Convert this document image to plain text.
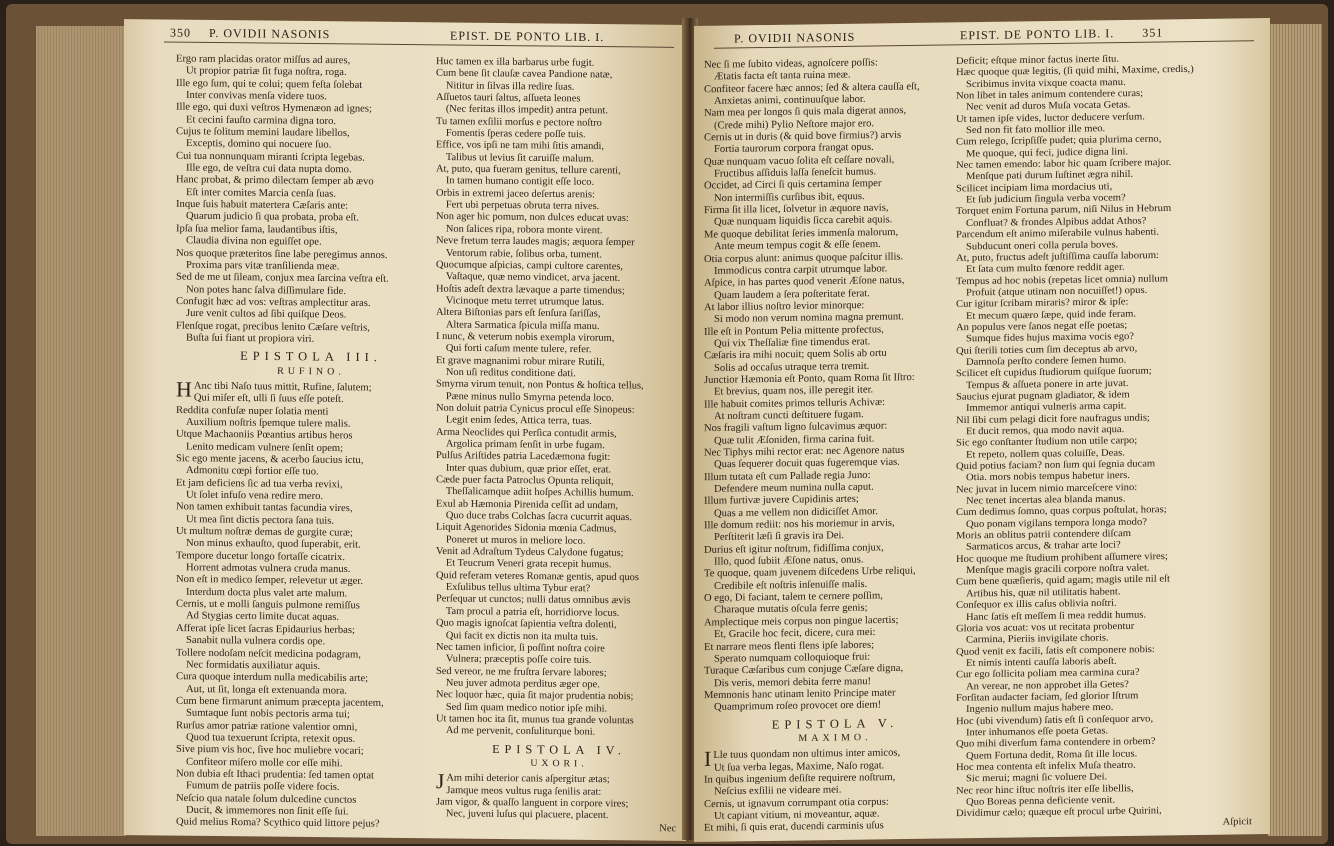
350 P. OVIDII NASONIS	EPIST. DE PONTO LIB. I.

Ergo ram placidas orator miſſus ad aures,

Ut propior patriæ ſit fuga noſtra, roga.

Ille ego ſum, qui te colui; quem feſta ſolebat

Inter convivas menſa videre tuos.

Ille ego, qui duxi veſtros Hymenæon ad ignes;

Et cecini fauſto carmina digna toro.

Cujus te ſolitum memini laudare libellos,

Exceptis, domino qui nocuere ſuo.

Cui tua nonnunquam miranti ſcripta legebas.

Ille ego, de veſtra cui data nupta domo.

Hanc probat, & primo dilectam ſemper ab ævo

Eſt inter comites Marcia cenſa ſuas.

Inque ſuis habuit matertera Cæſaris ante:

Quarum judicio ſi qua probata, proba eſt.

Ipſa ſua melior fama, laudantibus iſtis,

Claudia divina non eguiſſet ope.

Nos quoque præteritos ſine labe peregimus annos.

Proxima pars vitæ tranſilienda meæ.

Sed de me ut ſileam, conjux mea ſarcina veſtra eſt.

Non potes hanc ſalva diſſimulare fide.

Confugit hæc ad vos: veſtras amplectitur aras.

Jure venit cultos ad ſibi quiſque Deos.

Flenſque rogat, precibus lenito Cæſare veſtris,

Buſta ſui fiant ut propiora viri.

EPISTOLA III.

RUFINO.

H Anc tibi Naſo tuus mittit, Rufine, ſalutem;

Qui miſer eſt, ulli ſi ſuus eſſe poteſt.

Reddita confuſæ nuper ſolatia menti

Auxilium noſtris ſpemque tulere malis.

Utque Machaoniis Pœantius artibus heros

Lenito medicam vulnere ſenſit opem;

Sic ego mente jacens, & acerbo ſaucius ictu,

Admonitu cœpi fortior eſſe tuo.

Et jam deficiens ſic ad tua verba revixi,

Ut ſolet infuſo vena redire mero.

Non tamen exhibuit tantas facundia vires,

Ut mea ſint dictis pectora ſana tuis.

Ut multum noſtræ demas de gurgite curæ;

Non minus exhauſto, quod ſuperabit, erit.

Tempore ducetur longo fortaſſe cicatrix.

Horrent admotas vulnera cruda manus.

Non eſt in medico ſemper, relevetur ut æger.

Interdum docta plus valet arte malum.

Cernis, ut e molli ſanguis pulmone remiſſus

Ad Stygias certo limite ducat aquas.

Afferat ipſe licet ſacras Epidaurius herbas;

Sanabit nulla vulnera cordis ope.

Tollere nodoſam neſcit medicina podagram,

Nec formidatis auxiliatur aquis.

Cura quoque interdum nulla medicabilis arte;

Aut, ut ſit, longa eſt extenuanda mora.

Cum bene firmarunt animum præcepta jacentem,

Sumtaque ſunt nobis pectoris arma tui;

Rurſus amor patriæ ratione valentior omni,

Quod tua texuerunt ſcripta, retexit opus.

Sive pium vis hoc, ſive hoc muliebre vocari;

Confiteor miſero molle cor eſſe mihi.

Non dubia eſt Ithaci prudentia: ſed tamen optat

Fumum de patriis poſſe videre focis.

Neſcio qua natale ſolum dulcedine cunctos

Ducit, & immemores non ſinit eſſe ſui.

Quid melius Roma? Scythico quid littore pejus?

Huc tamen ex illa barbarus urbe fugit.

Cum bene ſit clauſæ cavea Pandione natæ,

Nititur in ſilvas illa redire ſuas.

Aſſuetos tauri ſaltus, aſſueta leones

(Nec feritas illos impedit) antra petunt.

Tu tamen exſilii morſus e pectore noſtro

Fomentis ſperas cedere poſſe tuis.

Effice, vos ipſi ne tam mihi ſitis amandi,

Talibus ut levius ſit caruiſſe malum.

At, puto, qua fueram genitus, tellure carenti,

In tamen humano contigit eſſe loco.

Orbis in extremi jaceo deſertus arenis:

Fert ubi perpetuas obruta terra nives.

Non ager hic pomum, non dulces educat uvas:

Non ſalices ripa, robora monte virent.

Neve fretum terra laudes magis; æquora ſemper

Ventorum rabie, ſolibus orba, tument.

Quocumque aſpicias, campi cultore carentes,

Vaſtaque, quæ nemo vindicet, arva jacent.

Hoſtis adeſt dextra lævaque a parte timendus;

Vicinoque metu terret utrumque latus.

Altera Biſtonias pars eſt ſenſura ſariſſas,

Altera Sarmatica ſpicula miſſa manu.

I nunc, & veterum nobis exempla virorum,

Qui forti caſum mente tulere, refer.

Et grave magnanimi robur mirare Rutili,

Non uſi reditus conditione dati.

Smyrna virum tenuit, non Pontus & hoſtica tellus,

Pæne minus nullo Smyrna petenda loco.

Non doluit patria Cynicus procul eſſe Sinopeus:

Legit enim ſedes, Attica terra, tuas.

Arma Neoclides qui Perſica contudit armis,

Argolica primam ſenſit in urbe fugam.

Pulſus Ariſtides patria Lacedæmona fugit:

Inter quas dubium, quæ prior eſſet, erat.

Cæde puer facta Patroclus Opunta reliquit,

Theſſalicamque adiit hoſpes Achillis humum.

Exul ab Hæmonia Pirenida ceſſit ad undam,

Quo duce trabs Colchas ſacra cucurrit aquas.

Liquit Agenorides Sidonia mœnia Cadmus,

Poneret ut muros in meliore loco.

Venit ad Adraſtum Tydeus Calydone fugatus;

Et Teucrum Veneri grata recepit humus.

Quid referam veteres Romanæ gentis, apud quos

Exſulibus tellus ultima Tybur erat?

Perſequar ut cunctos; nulli datus omnibus ævis

Tam procul a patria eſt, horridiorve locus.

Quo magis ignoſcat ſapientia veſtra dolenti,

Qui facit ex dictis non ita multa tuis.

Nec tamen inficior, ſi poſſint noſtra coire

Vulnera; præceptis poſſe coire tuis.

Sed vereor, ne me fruſtra ſervare labores;

Neu juver admota perditus æger ope.

Nec loquor hæc, quia ſit major prudentia nobis;

Sed ſim quam medico notior ipſe mihi.

Ut tamen hoc ita ſit, munus tua grande voluntas

Ad me pervenit, conſuliturque boni.

EPISTOLA IV.

UXORI.

J Am mihi deterior canis aſpergitur ætas;

Jamque meos vultus ruga ſenilis arat:

Jam vigor, & quaſſo languent in corpore vires;

Nec, juveni luſus qui placuere, placent.

Nec

P. OVIDII NASONIS	EPIST. DE PONTO LIB. I. 351

Nec ſi me ſubito videas, agnoſcere poſſis:

Ætatis facta eſt tanta ruina meæ.

Confiteor facere hæc annos; ſed & altera cauſſa eſt,

Anxietas animi, continuuſque labor.

Nam mea per longos ſi quis mala digerat annos,

(Crede mihi) Pylio Neſtore major ero.

Cernis ut in duris (& quid bove firmius?) arvis

Fortia taurorum corpora frangat opus.

Quæ nunquam vacuo ſolita eſt ceſſare novali,

Fructibus aſſiduis laſſa ſeneſcit humus.

Occidet, ad Circi ſi quis certamina ſemper

Non intermiſſis curſibus ibit, equus.

Firma ſit illa licet, ſolvetur in æquore navis,

Quæ nunquam liquidis ſicca carebit aquis.

Me quoque debilitat ſeries immenſa malorum,

Ante meum tempus cogit & eſſe ſenem.

Otia corpus alunt: animus quoque paſcitur illis.

Immodicus contra carpit utrumque labor.

Aſpice, in has partes quod venerit Æſone natus,

Quam laudem a ſera poſteritate ferat.

At labor illius noſtro levior minorque:

Si modo non verum nomina magna premunt.

Ille eſt in Pontum Pelia mittente profectus,

Qui vix Theſſaliæ fine timendus erat.

Cæſaris ira mihi nocuit; quem Solis ab ortu

Solis ad occaſus utraque terra tremit.

Junctior Hæmonia eſt Ponto, quam Roma ſit Iſtro:

Et brevius, quam nos, ille peregit iter.

Ille habuit comites primos telluris Achivæ:

At noſtram cuncti deſtituere fugam.

Nos fragili vaſtum ligno ſulcavimus æquor:

Quæ tulit Æſoniden, firma carina fuit.

Nec Tiphys mihi rector erat: nec Agenore natus

Quas ſequerer docuit quas fugeremque vias.

Illum tutata eſt cum Pallade regia Juno:

Defendere meum numina nulla caput.

Illum furtivæ juvere Cupidinis artes;

Quas a me vellem non didiciſſet Amor.

Ille domum rediit: nos his moriemur in arvis,

Perſtiterit læſi ſi gravis ira Dei.

Durius eſt igitur noſtrum, fidiſſima conjux,

Illo, quod ſubiit Æſone natus, onus.

Te quoque, quam juvenem diſcedens Urbe reliqui,

Credibile eſt noſtris inſenuiſſe malis.

O ego, Di faciant, talem te cernere poſſim,

Charaque mutatis oſcula ferre genis;

Amplectique meis corpus non pingue lacertis;

Et, Gracile hoc fecit, dicere, cura mei:

Et narrare meos flenti flens ipſe labores;

Sperato numquam colloquioque frui:

Turaque Cæſaribus cum conjuge Cæſare digna,

Dis veris, memori debita ferre manu!

Memnonis hanc utinam lenito Principe mater

Quamprimum roſeo provocet ore diem!

EPISTOLA V.

MAXIMO.

I Lle tuus quondam non ultimus inter amicos,

Ut ſua verba legas, Maxime, Naſo rogat.

In quibus ingenium deſiſte requirere noſtrum,

Neſcius exſilii ne videare mei.

Cernis, ut ignavum corrumpant otia corpus:

Ut capiant vitium, ni moveantur, aquæ.

Et mihi, ſi quis erat, ducendi carminis uſus

Deficit; eſtque minor factus inerte ſitu.

Hæc quoque quæ legitis, (ſi quid mihi, Maxime, credis,)

Scribimus invita vixque coacta manu.

Non libet in tales animum contendere curas;

Nec venit ad duros Muſa vocata Getas.

Ut tamen ipſe vides, luctor deducere verſum.

Sed non fit fato mollior ille meo.

Cum relego, ſcripſiſſe pudet; quia plurima cerno,

Me quoque, qui feci, judice digna lini.

Nec tamen emendo: labor hic quam ſcribere major.

Menſque pati durum ſuſtinet ægra nihil.

Scilicet incipiam lima mordacius uti,

Et ſub judicium ſingula verba vocem?

Torquet enim Fortuna parum, niſi Nilus in Hebrum

Confluat? & frondes Alpibus addat Athos?

Parcendum eſt animo miſerabile vulnus habenti.

Subducunt oneri colla perula boves.

At, puto, fructus adeſt juſtiſſima cauſſa laborum:

Et ſata cum multo fœnore reddit ager.

Tempus ad hoc nobis (repetas licet omnia) nullum

Profuit (atque utinam non nocuiſſet!) opus.

Cur igitur ſcribam miraris? miror & ipſe:

Et mecum quæro ſæpe, quid inde feram.

An populus vere ſanos negat eſſe poetas;

Sumque fides hujus maxima vocis ego?

Qui ſterili toties cum ſim deceptus ab arvo,

Damnoſa perſto condere ſemen humo.

Scilicet eſt cupidus ſtudiorum quiſque ſuorum;

Tempus & aſſueta ponere in arte juvat.

Saucius ejurat pugnam gladiator, & idem

Immemor antiqui vulneris arma capit.

Nil ſibi cum pelagi dicit fore naufragus undis;

Et ducit remos, qua modo navit aqua.

Sic ego conſtanter ſtudium non utile carpo;

Et repeto, nollem quas coluiſſe, Deas.

Quid potius faciam? non ſum qui ſegnia ducam

Otia. mors nobis tempus habetur iners.

Nec juvat in lucem nimio marceſcere vino:

Nec tenet incertas alea blanda manus.

Cum dedimus ſomno, quas corpus poſtulat, horas;

Quo ponam vigilans tempora longa modo?

Moris an oblitus patrii contendere diſcam

Sarmaticos arcus, & trahar arte loci?

Hoc quoque me ſtudium prohibent aſſumere vires;

Menſque magis gracili corpore noſtra valet.

Cum bene quæſieris, quid agam; magis utile nil eſt

Artibus his, quæ nil utilitatis habent.

Conſequor ex illis caſus oblivia noſtri.

Hanc ſatis eſt meſſem ſi mea reddit humus.

Gloria vos acuat: vos ut recitata probentur

Carmina, Pieriis invigilate choris.

Quod venit ex facili, ſatis eſt componere nobis:

Et nimis intenti cauſſa laboris abeſt.

Cur ego ſollicita poliam mea carmina cura?

An verear, ne non approbet illa Getes?

Forſitan audacter faciam, ſed glorior Iſtrum

Ingenio nullum majus habere meo.

Hoc (ubi vivendum) ſatis eſt ſi conſequor arvo,

Inter inhumanos eſſe poeta Getas.

Quo mihi diverſum fama contendere in orbem?

Quem Fortuna dedit, Roma ſit ille locus.

Hoc mea contenta eſt infelix Muſa theatro.

Sic merui; magni ſic voluere Dei.

Nec reor hinc iſtuc noſtris iter eſſe libellis,

Quo Boreas penna deficiente venit.

Dividimur cælo; quæque eſt procul urbe Quirini,

Aſpicit
